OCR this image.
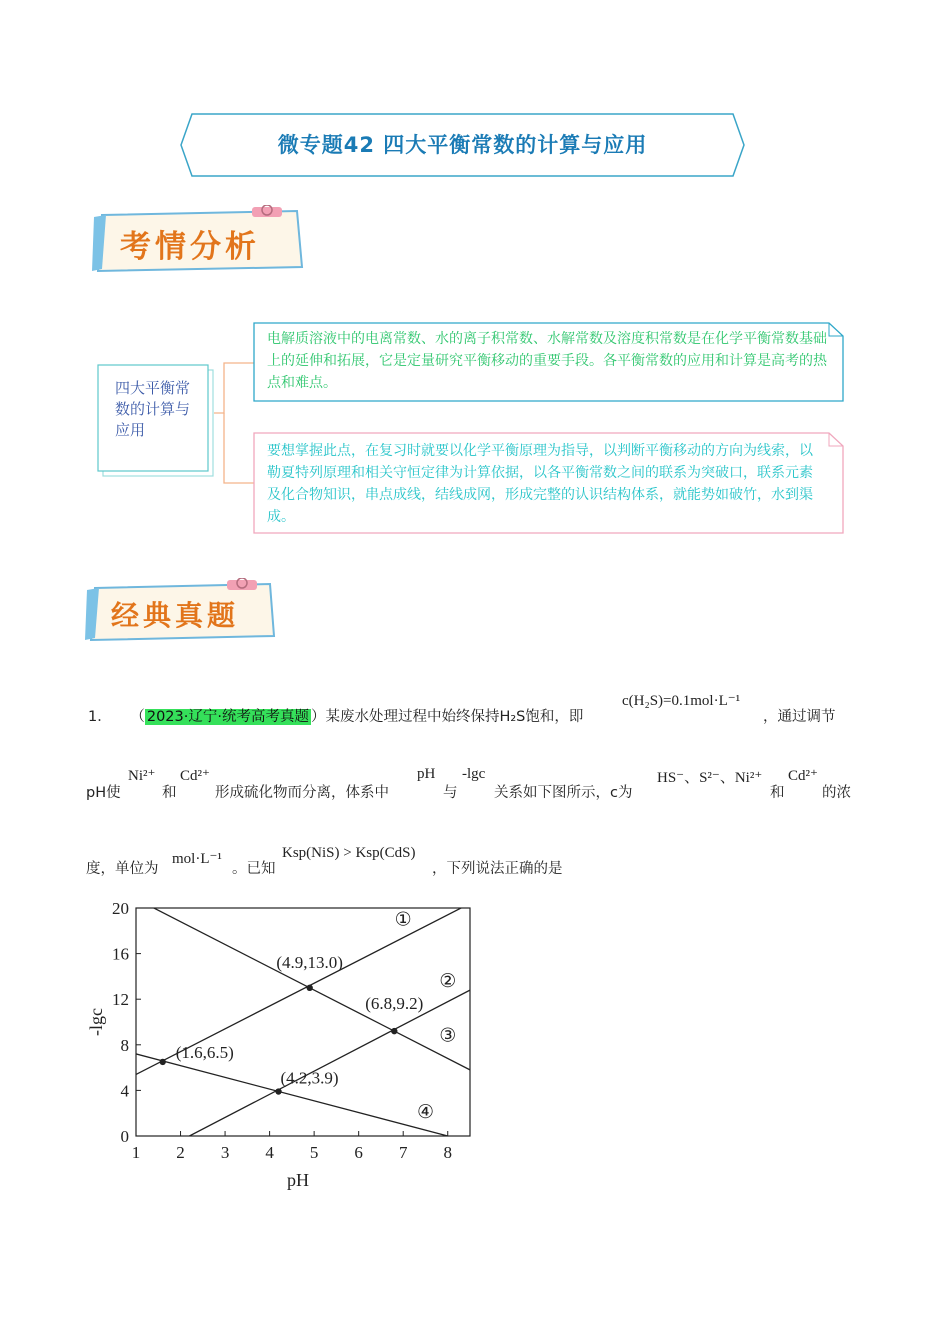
微专题42 四大平衡常数的计算与应用
考情分析
四大平衡常数的计算与应用
电解质溶液中的电离常数、水的离子积常数、水解常数及溶度积常数是在化学平衡常数基础上的延伸和拓展，它是定量研究平衡移动的重要手段。各平衡常数的应用和计算是高考的热点和难点。
要想掌握此点，在复习时就要以化学平衡原理为指导，以判断平衡移动的方向为线索，以勒夏特列原理和相关守恒定律为计算依据，以各平衡常数之间的联系为突破口，联系元素及化合物知识，串点成线，结线成网，形成完整的认识结构体系，就能势如破竹，水到渠成。
经典真题
1． （ 2023·辽宁·统考高考真题 ）某废水处理过程中始终保持H₂S饱和，即
c(H₂S)=0.1mol·L⁻¹
，通过调节
pH使
Ni²⁺
和
Cd²⁺
形成硫化物而分离，体系中
pH
与
-lgc
关系如下图所示，c为
HS⁻、S²⁻、Ni²⁺
和
Cd²⁺
的浓
度，单位为
mol·L⁻¹
。已知
Ksp(NiS) > Ksp(CdS)
，下列说法正确的是
1 2 3 4 5 6 7 8
0
4
8
12
16
20
pH
-lgc
①
②
③
④
(1.6,6.5)
(4.2,3.9)
(4.9,13.0)
(6.8,9.2)
